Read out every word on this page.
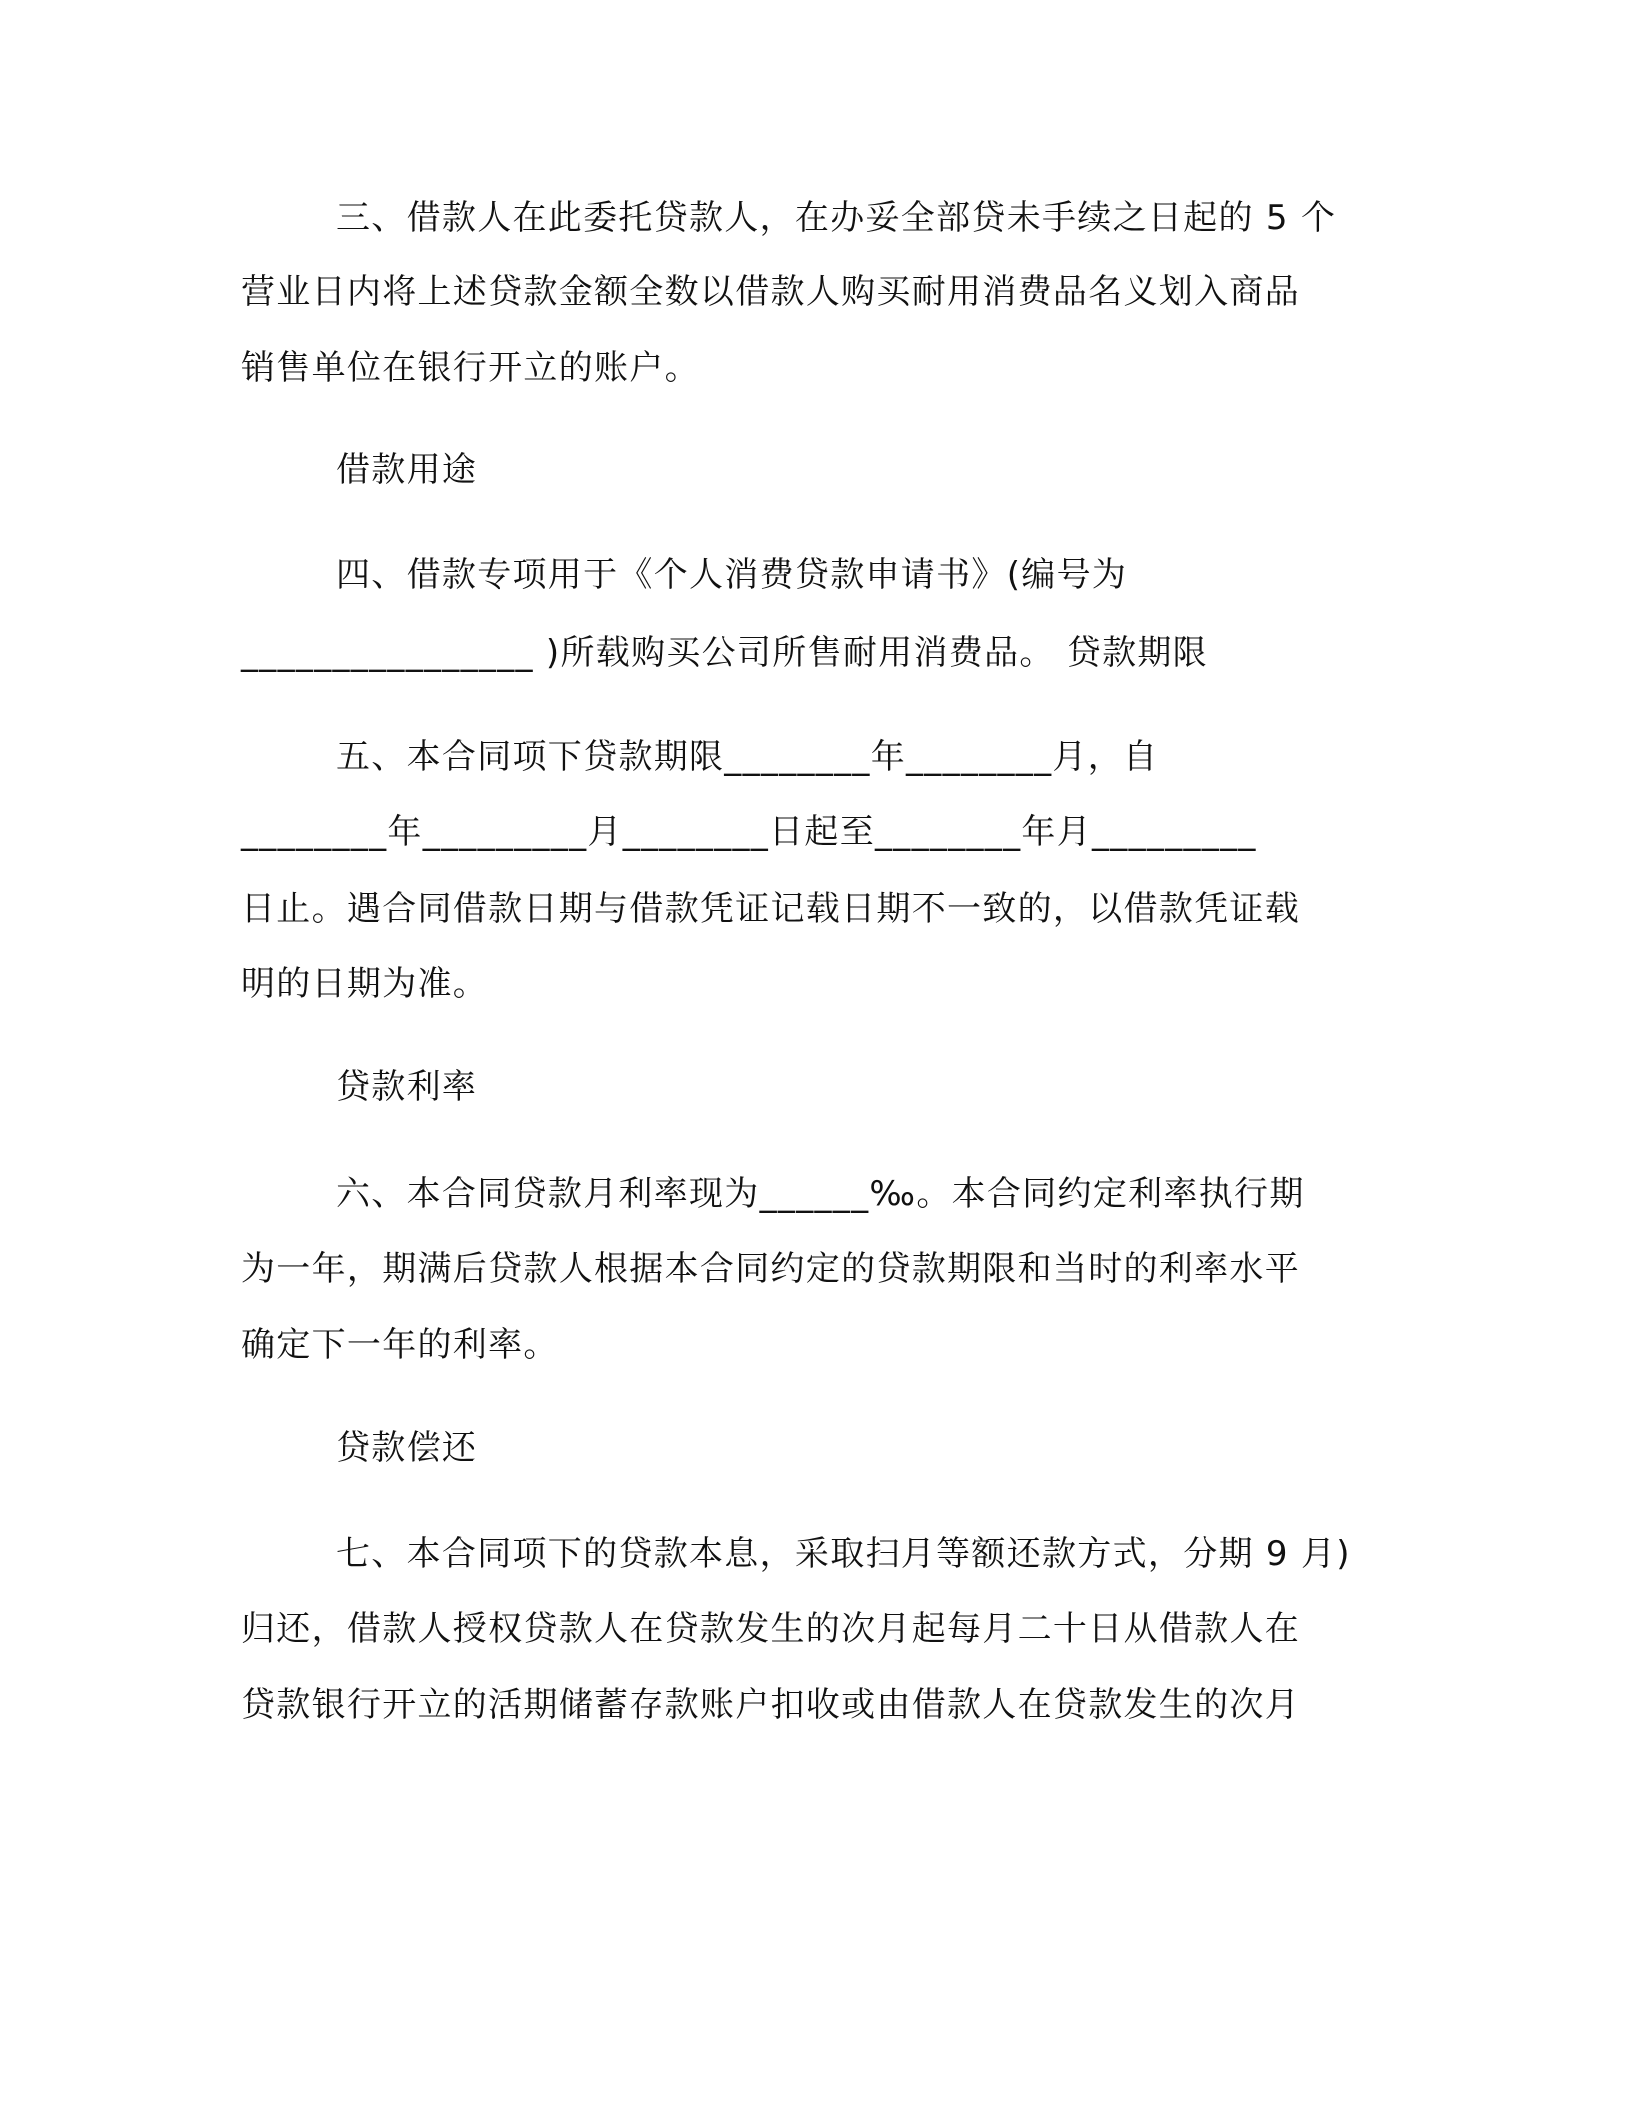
三、借款人在此委托贷款人，在办妥全部贷未手续之日起的 5 个
营业日内将上述贷款金额全数以借款人购买耐用消费品名义划入商品
销售单位在银行开立的账户。
借款用途
四、借款专项用于《个人消费贷款申请书》(编号为
________________ )所载购买公司所售耐用消费品。 贷款期限
五、本合同项下贷款期限________年________月，自
________年_________月________日起至________年月_________
日止。遇合同借款日期与借款凭证记载日期不一致的，以借款凭证载
明的日期为准。
贷款利率
六、本合同贷款月利率现为______‰。本合同约定利率执行期
为一年，期满后贷款人根据本合同约定的贷款期限和当时的利率水平
确定下一年的利率。
贷款偿还
七、本合同项下的贷款本息，采取扫月等额还款方式，分期 9 月)
归还，借款人授权贷款人在贷款发生的次月起每月二十日从借款人在
贷款银行开立的活期储蓄存款账户扣收或由借款人在贷款发生的次月
